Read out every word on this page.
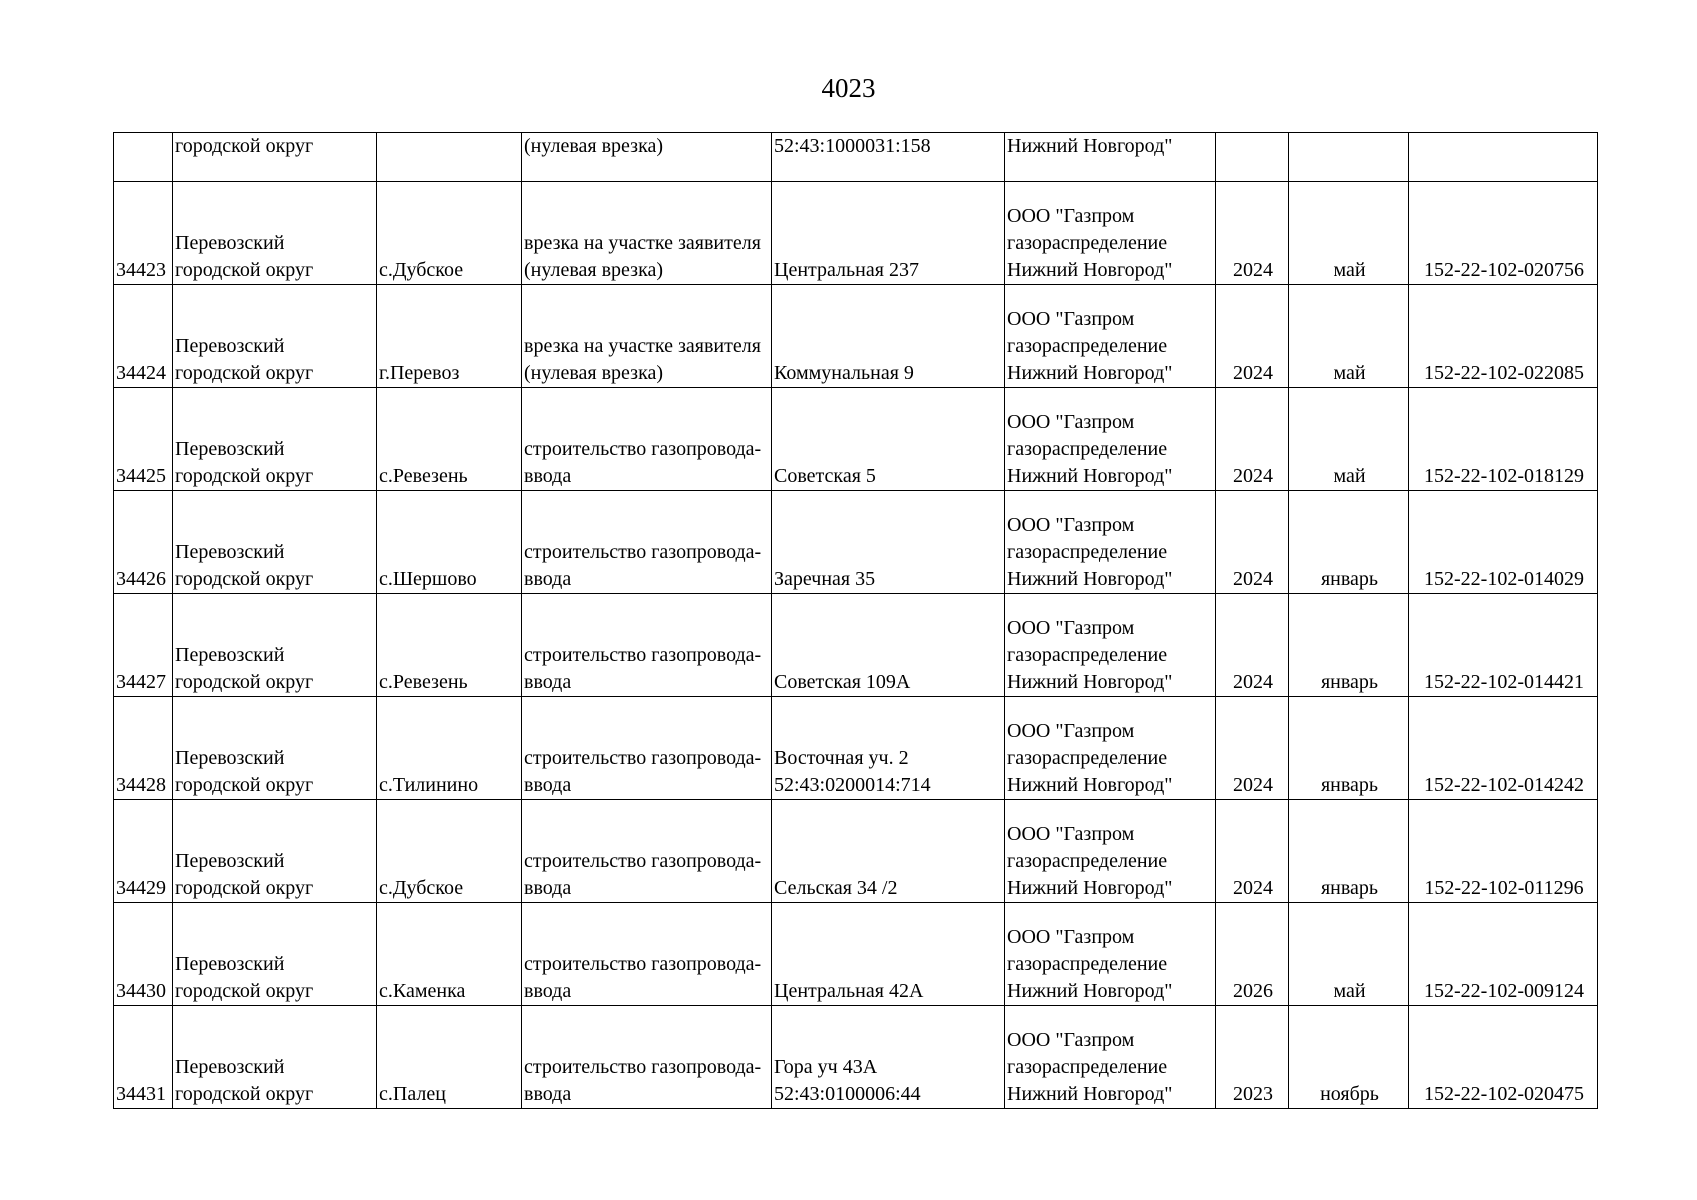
4023
	городской округ		(нулевая врезка)	52:43:1000031:158	Нижний Новгород"			
34423	Перевозский
городской округ	с.Дубское	врезка на участке заявителя
(нулевая врезка)	Центральная 237	ООО "Газпром
газораспределение
Нижний Новгород"	2024	май	152-22-102-020756
34424	Перевозский
городской округ	г.Перевоз	врезка на участке заявителя
(нулевая врезка)	Коммунальная 9	ООО "Газпром
газораспределение
Нижний Новгород"	2024	май	152-22-102-022085
34425	Перевозский
городской округ	с.Ревезень	строительство газопровода-
ввода	Советская 5	ООО "Газпром
газораспределение
Нижний Новгород"	2024	май	152-22-102-018129
34426	Перевозский
городской округ	с.Шершово	строительство газопровода-
ввода	Заречная 35	ООО "Газпром
газораспределение
Нижний Новгород"	2024	январь	152-22-102-014029
34427	Перевозский
городской округ	с.Ревезень	строительство газопровода-
ввода	Советская 109А	ООО "Газпром
газораспределение
Нижний Новгород"	2024	январь	152-22-102-014421
34428	Перевозский
городской округ	с.Тилинино	строительство газопровода-
ввода	Восточная уч. 2
52:43:0200014:714	ООО "Газпром
газораспределение
Нижний Новгород"	2024	январь	152-22-102-014242
34429	Перевозский
городской округ	с.Дубское	строительство газопровода-
ввода	Сельская 34 /2	ООО "Газпром
газораспределение
Нижний Новгород"	2024	январь	152-22-102-011296
34430	Перевозский
городской округ	с.Каменка	строительство газопровода-
ввода	Центральная 42А	ООО "Газпром
газораспределение
Нижний Новгород"	2026	май	152-22-102-009124
34431	Перевозский
городской округ	с.Палец	строительство газопровода-
ввода	Гора уч 43А
52:43:0100006:44	ООО "Газпром
газораспределение
Нижний Новгород"	2023	ноябрь	152-22-102-020475
